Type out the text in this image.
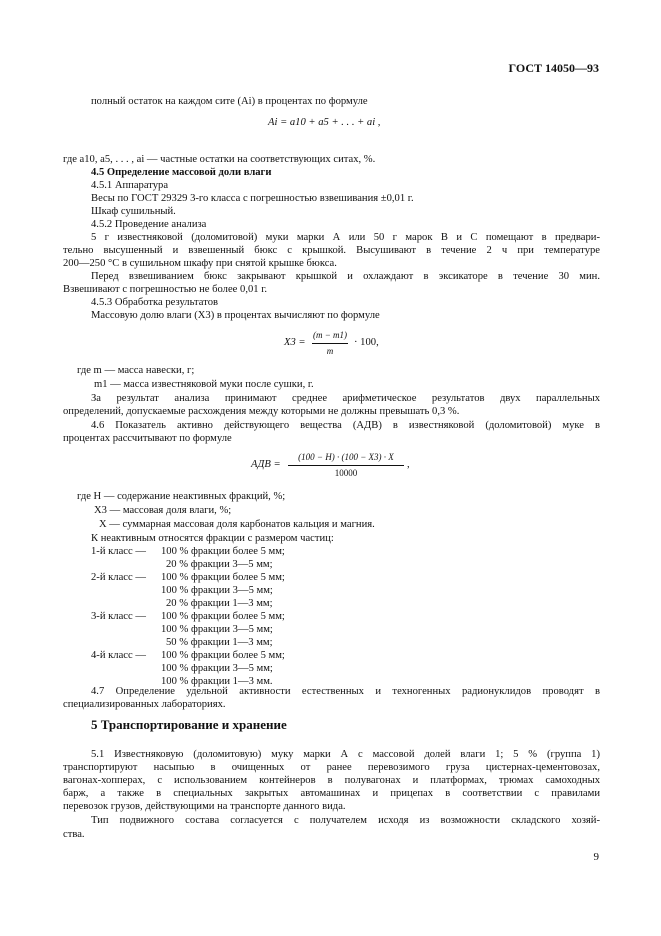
ГОСТ 14050—93
полный остаток на каждом сите (Ai) в процентах по формуле
Ai = a10 + a5 + . . . + ai ,
где a10, a5, . . . , ai — частные остатки на соответствующих ситах, %.
4.5 Определение массовой доли влаги
4.5.1 Аппаратура
Весы по ГОСТ 29329 3-го класса с погрешностью взвешивания ±0,01 г.
Шкаф сушильный.
4.5.2 Проведение анализа
5 г известняковой (доломитовой) муки марки А или 50 г марок В и С помещают в предвари-
тельно высушенный и взвешенный бюкс с крышкой. Высушивают в течение 2 ч при температуре
200—250 °С в сушильном шкафу при снятой крышке бюкса.
Перед взвешиванием бюкс закрывают крышкой и охлаждают в эксикаторе в течение 30 мин.
Взвешивают с погрешностью не более 0,01 г.
4.5.3 Обработка результатов
Массовую долю влаги (X3) в процентах вычисляют по формуле
X3 =
(m − m1)
m
· 100,
где m — масса навески, г;
m1 — масса известняковой муки после сушки, г.
За результат анализа принимают среднее арифметическое результатов двух параллельных
определений, допускаемые расхождения между которыми не должны превышать 0,3 %.
4.6 Показатель активно действующего вещества (АДВ) в известняковой (доломитовой) муке в
процентах рассчитывают по формуле
АДВ =
(100 − H) · (100 − X3) · X
10000
,
где H — содержание неактивных фракций, %;
X3 — массовая доля влаги, %;
X — суммарная массовая доля карбонатов кальция и магния.
К неактивным относятся фракции с размером частиц:
1-й класс — 100 % фракции более 5 мм;
20 % фракции 3—5 мм;
2-й класс — 100 % фракции более 5 мм;
100 % фракции 3—5 мм;
20 % фракции 1—3 мм;
3-й класс — 100 % фракции более 5 мм;
100 % фракции 3—5 мм;
50 % фракции 1—3 мм;
4-й класс — 100 % фракции более 5 мм;
100 % фракции 3—5 мм;
100 % фракции 1—3 мм.
4.7 Определение удельной активности естественных и техногенных радионуклидов проводят в
специализированных лабораториях.
5 Транспортирование и хранение
5.1 Известняковую (доломитовую) муку марки А с массовой долей влаги 1; 5 % (группа 1)
транспортируют насыпью в очищенных от ранее перевозимого груза цистернах-цементовозах,
вагонах-хопперах, с использованием контейнеров в полувагонах и платформах, трюмах самоходных
барж, а также в специальных закрытых автомашинах и прицепах в соответствии с правилами
перевозок грузов, действующими на транспорте данного вида.
Тип подвижного состава согласуется с получателем исходя из возможности складского хозяй-
ства.
9
